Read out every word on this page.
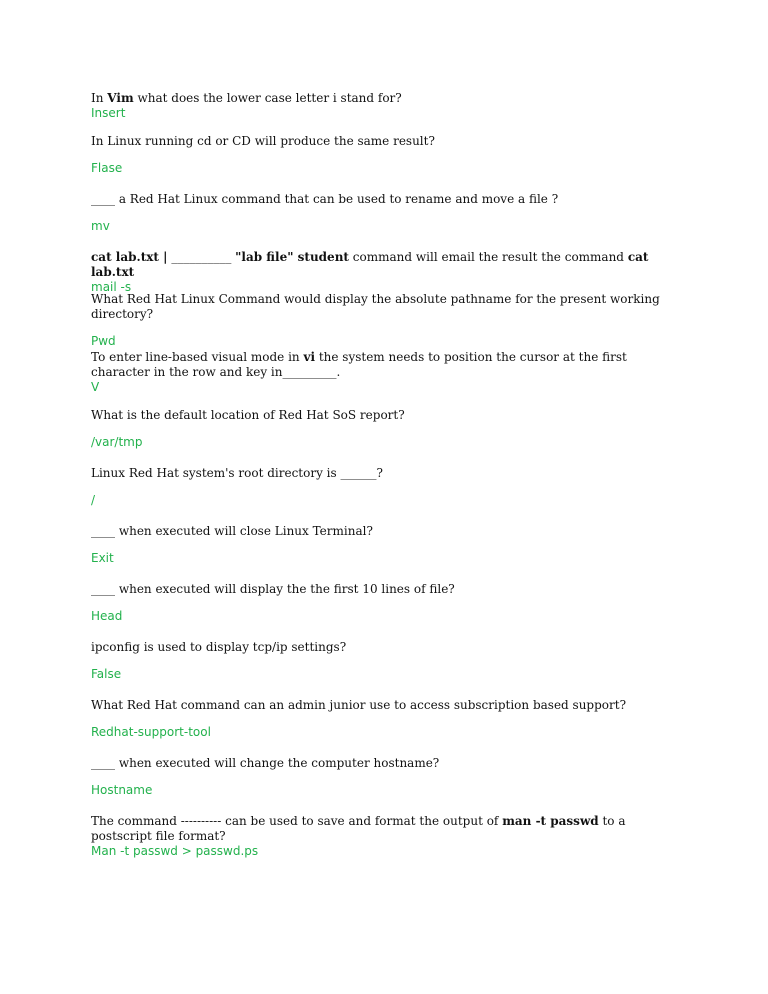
In Vim what does the lower case letter i stand for?

Insert

In Linux running cd or CD will produce the same result?

Flase

____ a Red Hat Linux command that can be used to rename and move a file ?

mv

cat lab.txt | __________ "lab file" student command will email the result the command cat lab.txt

mail -s

What Red Hat Linux Command would display the absolute pathname for the present working directory?

Pwd

To enter line-based visual mode in vi the system needs to position the cursor at the first character in the row and key in_________.

V

What is the default location of Red Hat SoS report?

/var/tmp

Linux Red Hat system's root directory is ______?

/

____ when executed will close Linux Terminal?

Exit

____ when executed will display the the first 10 lines of file?

Head

ipconfig is used to display tcp/ip settings?

False

What Red Hat command can an admin junior use to access subscription based support?

Redhat-support-tool

____ when executed will change the computer hostname?

Hostname

The command ---------- can be used to save and format the output of man -t passwd to a postscript file format?

Man -t passwd > passwd.ps
